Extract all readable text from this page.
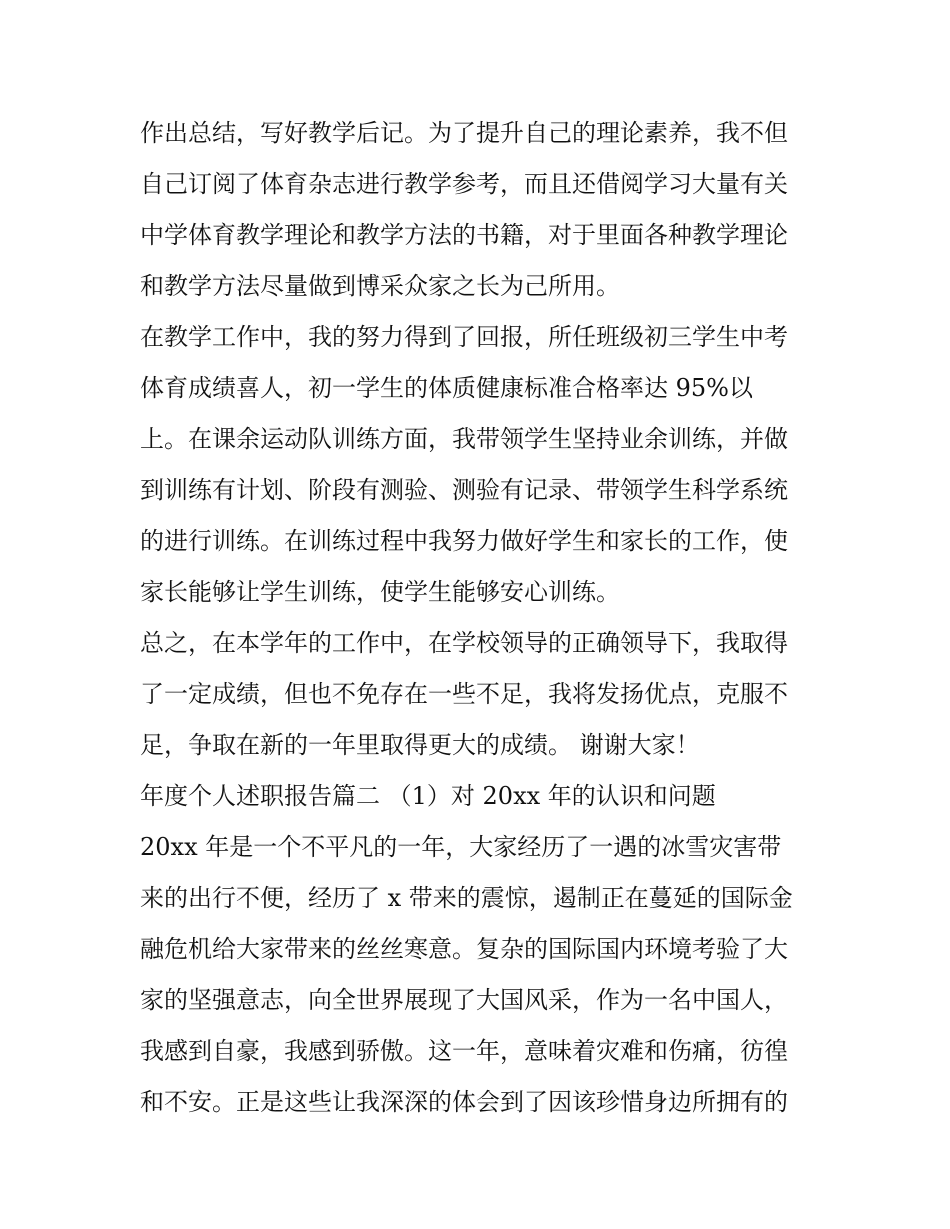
作出总结，写好教学后记。为了提升自己的理论素养，我不但
自己订阅了体育杂志进行教学参考，而且还借阅学习大量有关
中学体育教学理论和教学方法的书籍，对于里面各种教学理论
和教学方法尽量做到博采众家之长为己所用。
在教学工作中，我的努力得到了回报，所任班级初三学生中考
体育成绩喜人，初一学生的体质健康标准合格率达 95%以
上。在课余运动队训练方面，我带领学生坚持业余训练，并做
到训练有计划、阶段有测验、测验有记录、带领学生科学系统
的进行训练。在训练过程中我努力做好学生和家长的工作，使
家长能够让学生训练，使学生能够安心训练。
总之，在本学年的工作中，在学校领导的正确领导下，我取得
了一定成绩，但也不免存在一些不足，我将发扬优点，克服不
足，争取在新的一年里取得更大的成绩。 谢谢大家！
年度个人述职报告篇二 （1）对 20xx 年的认识和问题
20xx 年是一个不平凡的一年，大家经历了一遇的冰雪灾害带
来的出行不便，经历了 x 带来的震惊，遏制正在蔓延的国际金
融危机给大家带来的丝丝寒意。复杂的国际国内环境考验了大
家的坚强意志，向全世界展现了大国风采，作为一名中国人，
我感到自豪，我感到骄傲。这一年，意味着灾难和伤痛，彷徨
和不安。正是这些让我深深的体会到了因该珍惜身边所拥有的
